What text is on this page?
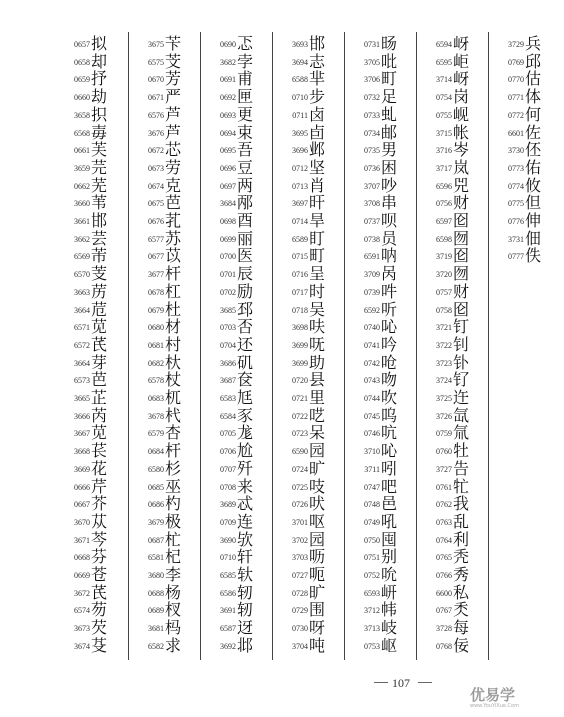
0657 拟
0658 却
0659 抒
0660 劫
3658 抧
6568 毐
0661 芙
3659 芫
0662 芜
3660 苇
3661 邯
3662 芸
6569 芾
6570 芰
3663 苈
3664 苊
6571 苋
6572 芪
3664 芽
6573 芭
3665 芷
3666 芮
3667 苋
3668 苌
3669 花
0666 芹
0667 芥
3670 苁
3671 芩
0668 芬
0669 苍
3672 芪
6574 芴
3673 芡
3674 芟
3675 苄
6575 芠
0670 芳
0671 严
6576 芦
3676 芦
0672 芯
0673 劳
0674 克
0675 芭
0676 芤
6577 苏
0677 苡
3677 杆
0678 杠
0679 杜
0680 材
0681 村
0682 杕
6578 杖
0683 杌
3678 杙
6579 杏
0684 杆
6580 杉
0685 巫
0686 杓
3679 极
0687 杧
6581 杞
3680 李
0688 杨
0689 杈
3681 杩
6582 求
0690 忑
3682 孛
0691 甫
0692 匣
0693 更
0694 束
0695 吾
0696 豆
0697 两
3684 邴
0698 酉
0699 丽
0700 医
0701 辰
0702 励
3685 邳
0703 否
0704 还
3686 矶
3687 奁
6583 尪
6584 豕
0705 尨
0706 尬
0707 歼
0708 来
3689 忒
0709 连
3690 欤
0710 轩
6585 轪
6586 轫
3691 轫
6587 迓
3692 邶
3693 邯
3694 志
6588 芈
0710 步
0711 卤
3695 卣
3696 邺
0712 坚
0713 肖
3697 旰
0714 旱
6589 盯
0715 町
0716 呈
0717 时
0718 吴
3698 呋
3699 呒
3699 助
0720 县
0721 里
0722 呓
0723 呆
6590 园
0724 旷
0725 吱
0726 吠
3701 呕
3702 园
3703 呖
0727 呃
0728 旷
0729 围
0730 呀
3704 吨
0731 旸
3705 吡
3706 町
0732 足
0733 虬
0734 邮
0735 男
0736 困
3707 吵
3708 串
0737 呗
0738 员
6591 呐
3709 呙
0739 吽
6592 听
0740 吣
0741 吟
0742 呛
0743 吻
0744 吹
0745 呜
0746 吭
3710 吣
3711 吲
0747 吧
0748 邑
0749 吼
0750 囤
0751 别
0752 吮
6593 岍
3712 帏
3713 岐
0753 岖
6594 岈
6595 岠
3714 岈
0754 岗
0755 岘
3715 帐
3716 岑
3717 岚
6596 兕
0756 财
6597 囵
6598 囫
3719 囵
3720 囫
0757 财
0758 囵
3721 钉
3722 钊
3723 钋
3724 钌
3725 迕
3726 氙
0759 氚
0760 牡
3727 告
0761 牤
0762 我
0763 乱
0764 利
0765 秃
0766 秀
6600 私
0767 秂
3728 每
0768 佞
3729 兵
0769 邱
0770 估
0771 体
0772 何
6601 佐
3730 伾
0773 佑
0774 攸
0775 但
0776 伸
3731 佃
0777 佚
107
优易学
www.YouYiXue.Com
